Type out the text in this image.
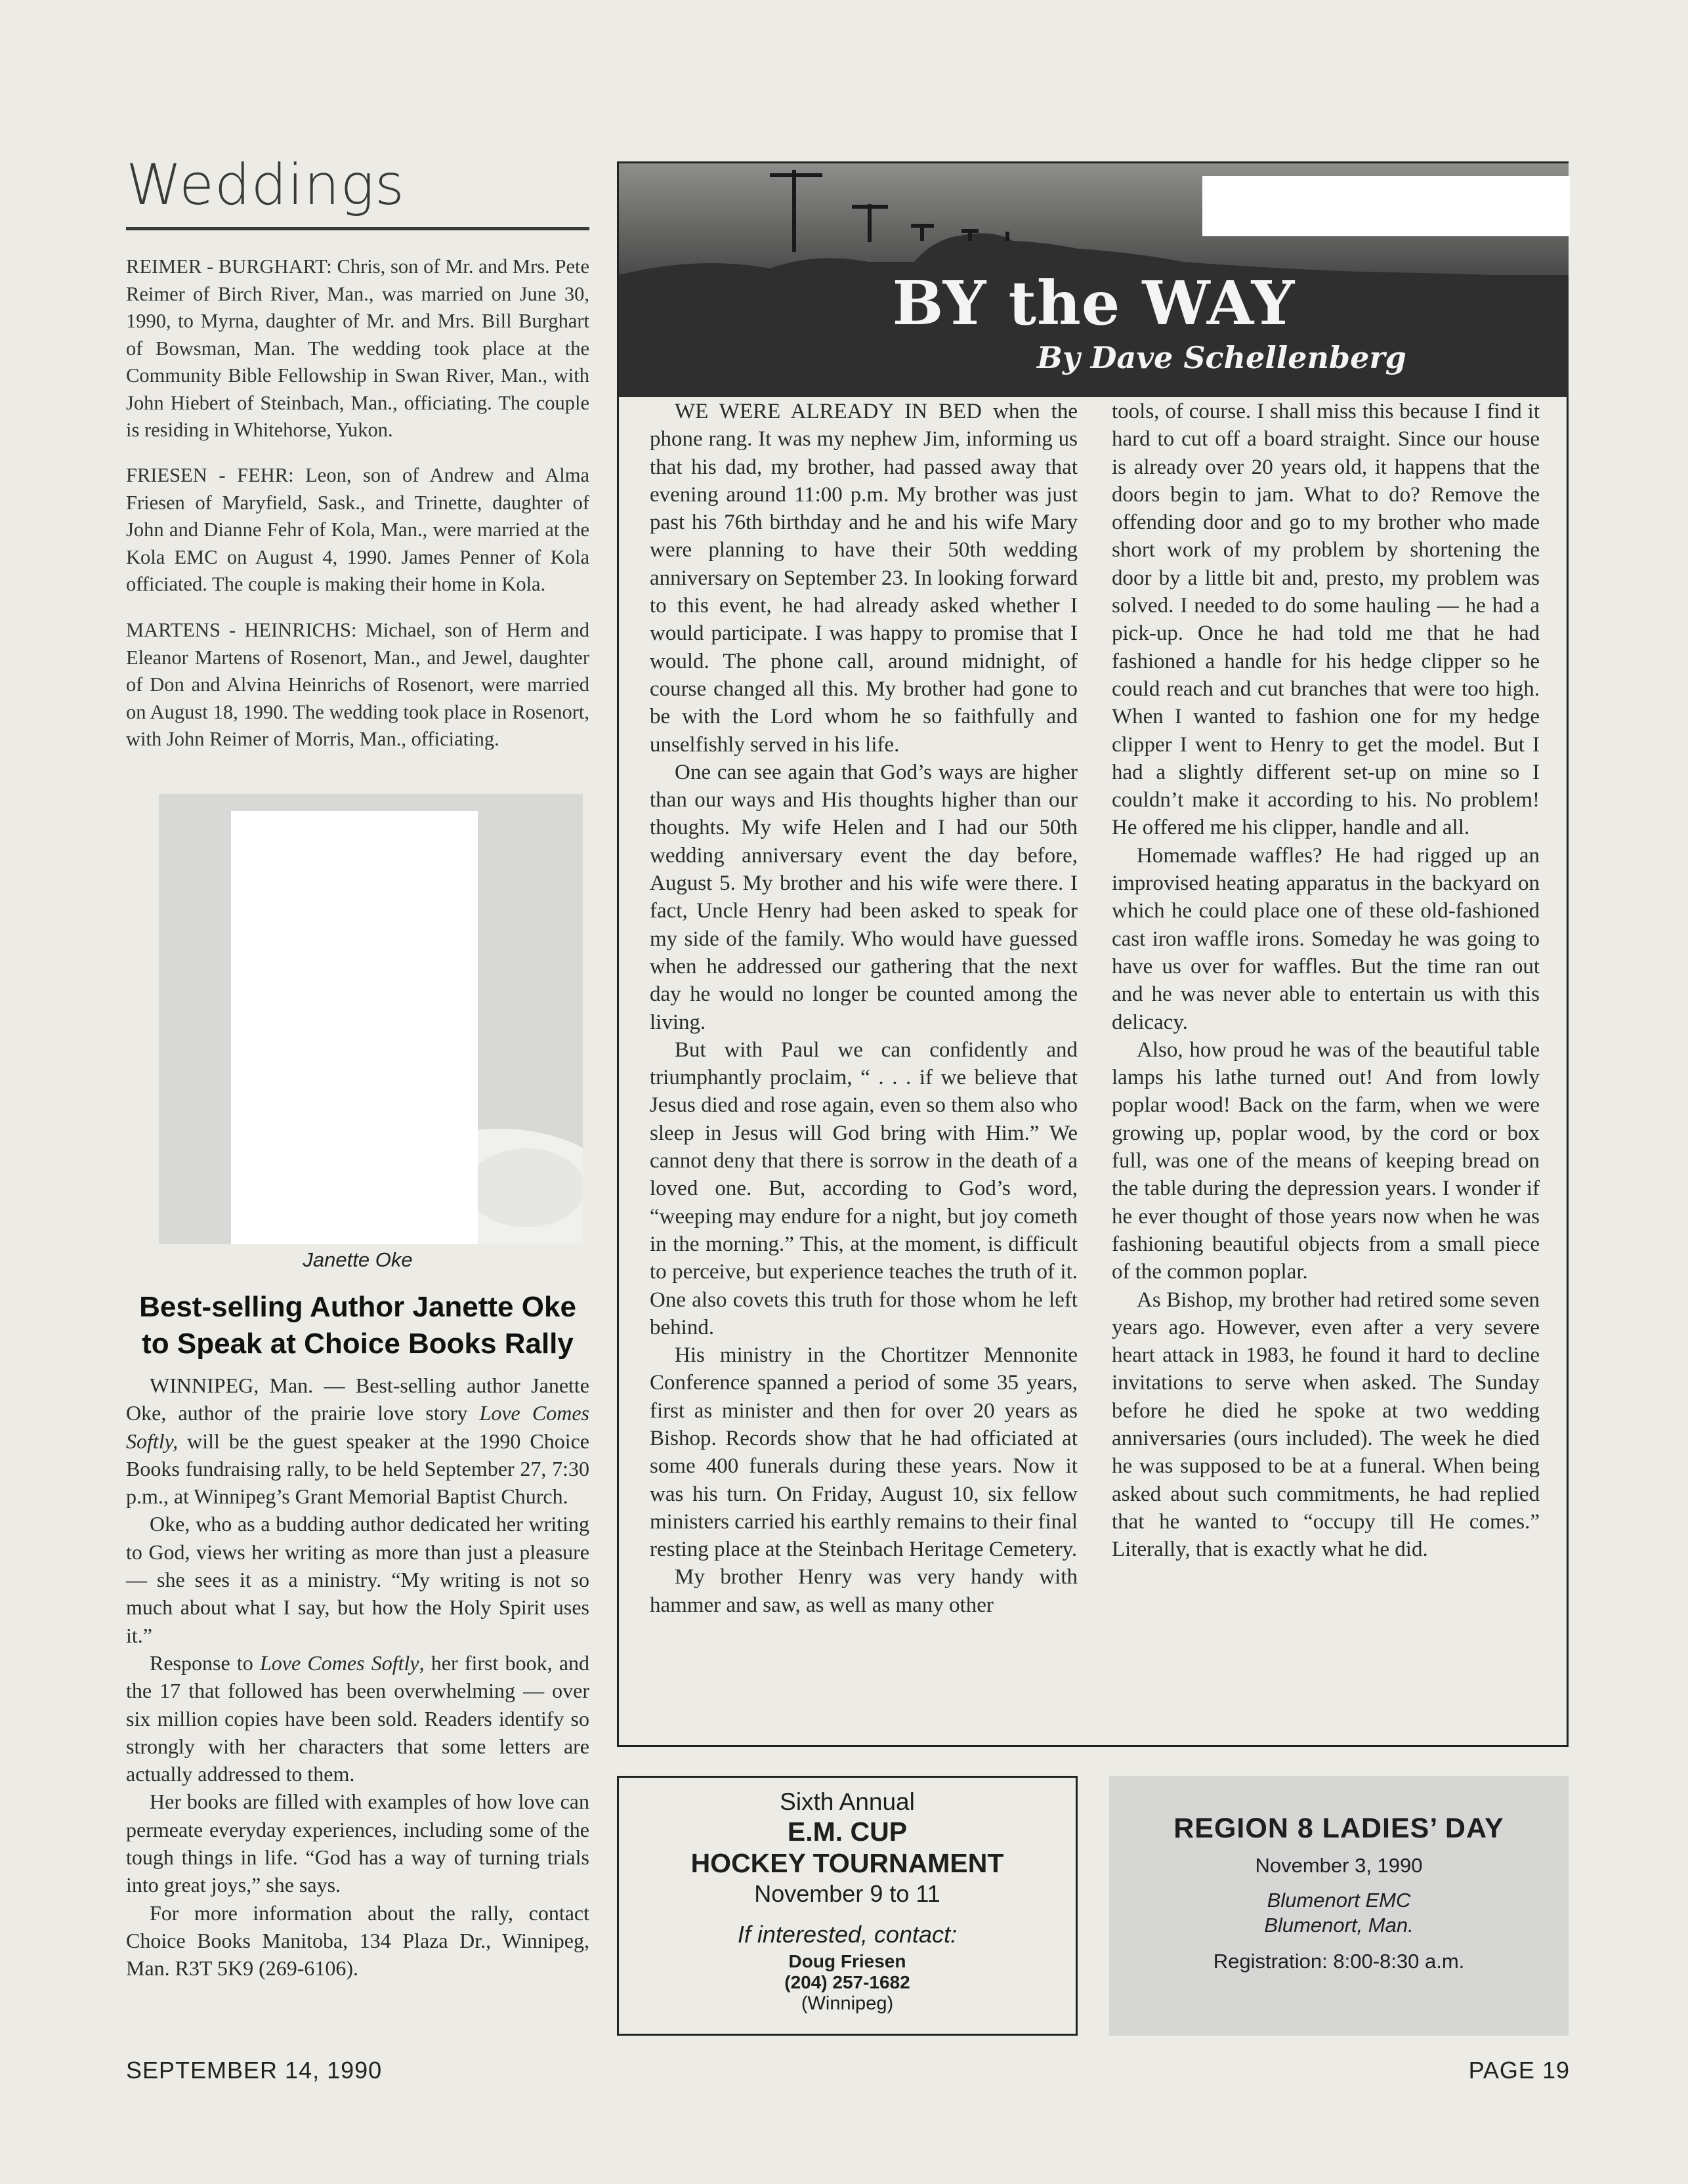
Weddings
REIMER - BURGHART: Chris, son of Mr. and Mrs. Pete Reimer of Birch River, Man., was married on June 30, 1990, to Myrna, daughter of Mr. and Mrs. Bill Burghart of Bowsman, Man. The wedding took place at the Community Bible Fellowship in Swan River, Man., with John Hiebert of Steinbach, Man., officiating. The couple is residing in Whitehorse, Yukon.
FRIESEN - FEHR: Leon, son of Andrew and Alma Friesen of Maryfield, Sask., and Trinette, daughter of John and Dianne Fehr of Kola, Man., were married at the Kola EMC on August 4, 1990. James Penner of Kola officiated. The couple is making their home in Kola.
MARTENS - HEINRICHS: Michael, son of Herm and Eleanor Martens of Rosenort, Man., and Jewel, daughter of Don and Alvina Heinrichs of Rosenort, were married on August 18, 1990. The wedding took place in Rosenort, with John Reimer of Morris, Man., officiating.
Janette Oke
Best-selling Author Janette Oke to Speak at Choice Books Rally

WINNIPEG, Man. — Best-selling author Janette Oke, author of the prairie love story Love Comes Softly, will be the guest speaker at the 1990 Choice Books fundraising rally, to be held September 27, 7:30 p.m., at Winnipeg’s Grant Memorial Baptist Church.

Oke, who as a budding author dedicated her writing to God, views her writing as more than just a pleasure — she sees it as a ministry. “My writing is not so much about what I say, but how the Holy Spirit uses it.”

Response to Love Comes Softly, her first book, and the 17 that followed has been overwhelming — over six million copies have been sold. Readers identify so strongly with her characters that some letters are actually addressed to them.

Her books are filled with examples of how love can permeate everyday experiences, including some of the tough things in life. “God has a way of turning trials into great joys,” she says.

For more information about the rally, contact Choice Books Manitoba, 134 Plaza Dr., Winnipeg, Man. R3T 5K9 (269-6106).

BY the WAY
By Dave Schellenberg

WE WERE ALREADY IN BED when the phone rang. It was my nephew Jim, informing us that his dad, my brother, had passed away that evening around 11:00 p.m. My brother was just past his 76th birthday and he and his wife Mary were planning to have their 50th wedding anniversary on September 23. In looking forward to this event, he had already asked whether I would participate. I was happy to promise that I would. The phone call, around midnight, of course changed all this. My brother had gone to be with the Lord whom he so faithfully and unselfishly served in his life.

One can see again that God’s ways are higher than our ways and His thoughts higher than our thoughts. My wife Helen and I had our 50th wedding anniversary event the day before, August 5. My brother and his wife were there. I fact, Uncle Henry had been asked to speak for my side of the family. Who would have guessed when he addressed our gathering that the next day he would no longer be counted among the living.

But with Paul we can confidently and triumphantly proclaim, “ . . . if we believe that Jesus died and rose again, even so them also who sleep in Jesus will God bring with Him.” We cannot deny that there is sorrow in the death of a loved one. But, according to God’s word, “weeping may endure for a night, but joy cometh in the morning.” This, at the moment, is difficult to perceive, but experience teaches the truth of it. One also covets this truth for those whom he left behind.

His ministry in the Chortitzer Mennonite Conference spanned a period of some 35 years, first as minister and then for over 20 years as Bishop. Records show that he had officiated at some 400 funerals during these years. Now it was his turn. On Friday, August 10, six fellow ministers carried his earthly remains to their final resting place at the Steinbach Heritage Cemetery.

My brother Henry was very handy with hammer and saw, as well as many other

tools, of course. I shall miss this because I find it hard to cut off a board straight. Since our house is already over 20 years old, it happens that the doors begin to jam. What to do? Remove the offending door and go to my brother who made short work of my problem by shortening the door by a little bit and, presto, my problem was solved. I needed to do some hauling — he had a pick-up. Once he had told me that he had fashioned a handle for his hedge clipper so he could reach and cut branches that were too high. When I wanted to fashion one for my hedge clipper I went to Henry to get the model. But I had a slightly different set-up on mine so I couldn’t make it according to his. No problem! He offered me his clipper, handle and all.

Homemade waffles? He had rigged up an improvised heating apparatus in the backyard on which he could place one of these old-fashioned cast iron waffle irons. Someday he was going to have us over for waffles. But the time ran out and he was never able to entertain us with this delicacy.

Also, how proud he was of the beautiful table lamps his lathe turned out! And from lowly poplar wood! Back on the farm, when we were growing up, poplar wood, by the cord or box full, was one of the means of keeping bread on the table during the depression years. I wonder if he ever thought of those years now when he was fashioning beautiful objects from a small piece of the common poplar.

As Bishop, my brother had retired some seven years ago. However, even after a very severe heart attack in 1983, he found it hard to decline invitations to serve when asked. The Sunday before he died he spoke at two wedding anniversaries (ours included). The week he died he was supposed to be at a funeral. When being asked about such commitments, he had replied that he wanted to “occupy till He comes.” Literally, that is exactly what he did.

Sixth Annual
E.M. CUP
HOCKEY TOURNAMENT
November 9 to 11
If interested, contact:
Doug Friesen
(204) 257-1682
(Winnipeg)
REGION 8 LADIES’ DAY
November 3, 1990
Blumenort EMC
Blumenort, Man.
Registration: 8:00-8:30 a.m.
SEPTEMBER 14, 1990	PAGE 19
